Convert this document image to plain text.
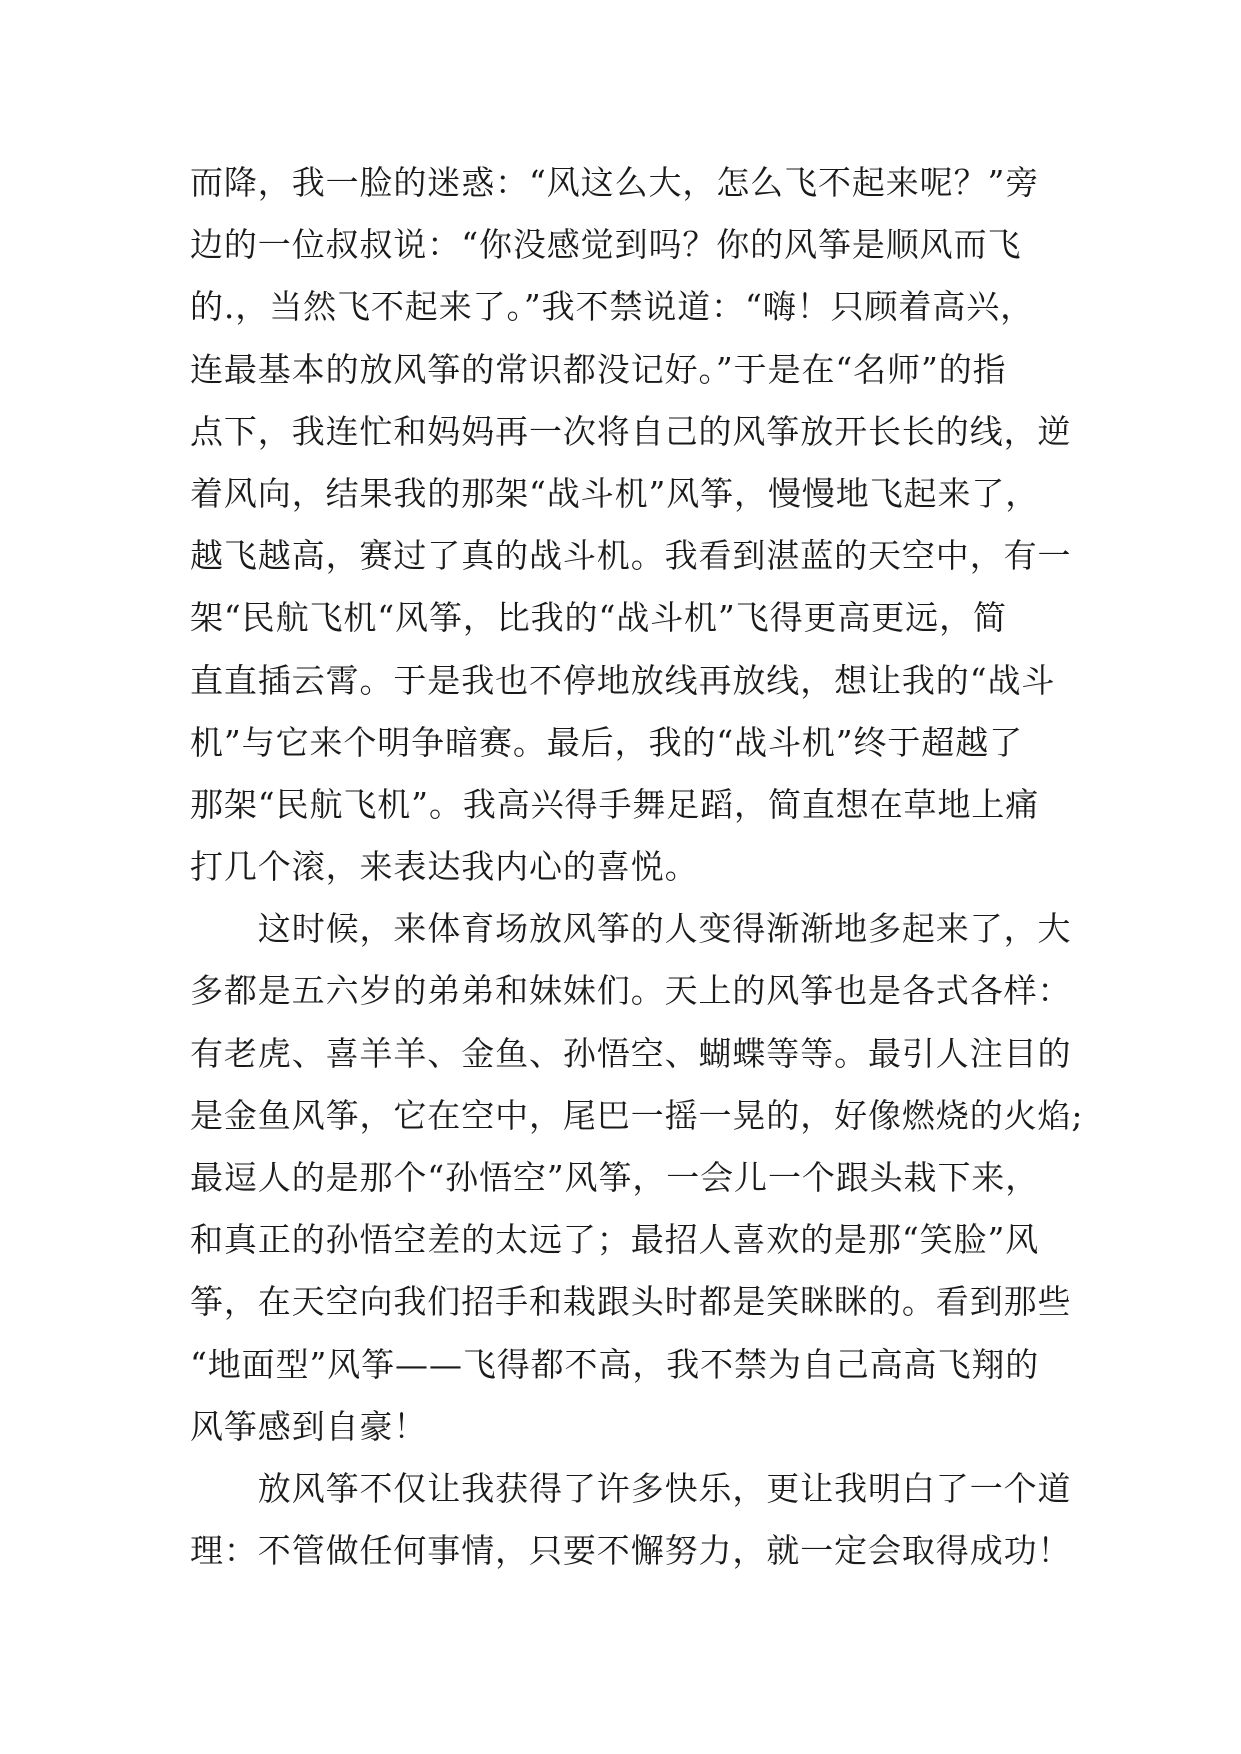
而降，我一脸的迷惑：“风这么大，怎么飞不起来呢？”旁
边的一位叔叔说：“你没感觉到吗？你的风筝是顺风而飞
的.，当然飞不起来了。”我不禁说道：“嗨！只顾着高兴，
连最基本的放风筝的常识都没记好。”于是在“名师”的指
点下，我连忙和妈妈再一次将自己的风筝放开长长的线，逆
着风向，结果我的那架“战斗机”风筝，慢慢地飞起来了，
越飞越高，赛过了真的战斗机。我看到湛蓝的天空中，有一
架“民航飞机“风筝，比我的“战斗机”飞得更高更远，简
直直插云霄。于是我也不停地放线再放线，想让我的“战斗
机”与它来个明争暗赛。最后，我的“战斗机”终于超越了
那架“民航飞机”。我高兴得手舞足蹈，简直想在草地上痛
打几个滚，来表达我内心的喜悦。
　　这时候，来体育场放风筝的人变得渐渐地多起来了，大
多都是五六岁的弟弟和妹妹们。天上的风筝也是各式各样：
有老虎、喜羊羊、金鱼、孙悟空、蝴蝶等等。最引人注目的
是金鱼风筝，它在空中，尾巴一摇一晃的，好像燃烧的火焰;
最逗人的是那个“孙悟空”风筝，一会儿一个跟头栽下来，
和真正的孙悟空差的太远了；最招人喜欢的是那“笑脸”风
筝，在天空向我们招手和栽跟头时都是笑眯眯的。看到那些
“地面型”风筝——飞得都不高，我不禁为自己高高飞翔的
风筝感到自豪！
　　放风筝不仅让我获得了许多快乐，更让我明白了一个道
理：不管做任何事情，只要不懈努力，就一定会取得成功！
